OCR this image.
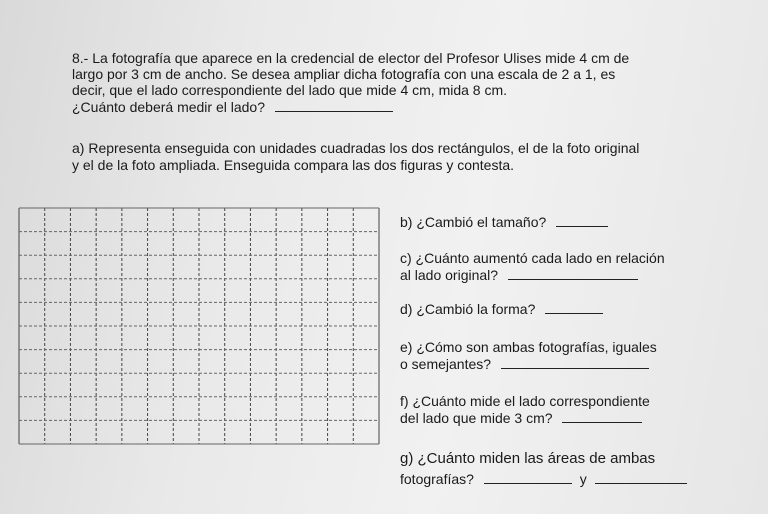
8.- La fotografía que aparece en la credencial de elector del Profesor Ulises mide 4 cm de
largo por 3 cm de ancho. Se desea ampliar dicha fotografía con una escala de 2 a 1, es
decir, que el lado correspondiente del lado que mide 4 cm, mida 8 cm.
¿Cuánto deberá medir el lado?
a) Representa enseguida con unidades cuadradas los dos rectángulos, el de la foto original
y el de la foto ampliada. Enseguida compara las dos figuras y contesta.
b) ¿Cambió el tamaño?
c) ¿Cuánto aumentó cada lado en relación
al lado original?
d) ¿Cambió la forma?
e) ¿Cómo son ambas fotografías, iguales
o semejantes?
f) ¿Cuánto mide el lado correspondiente
del lado que mide 3 cm?
g) ¿Cuánto miden las áreas de ambas
fotografías?	y
